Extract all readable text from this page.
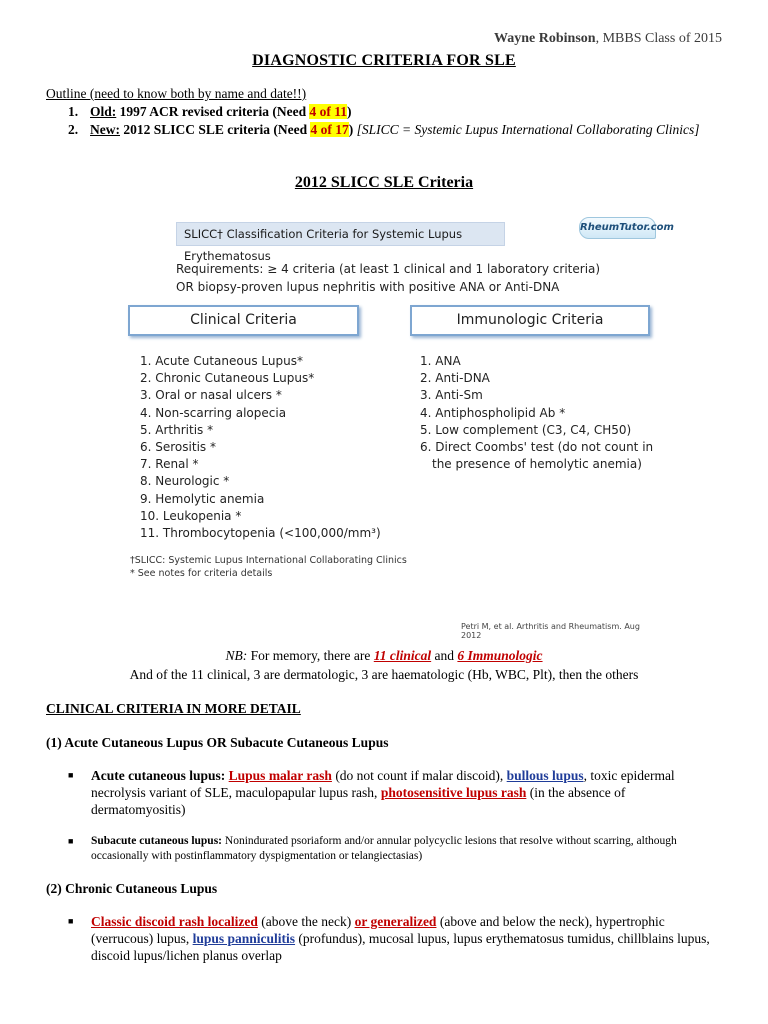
Wayne Robinson, MBBS Class of 2015
DIAGNOSTIC CRITERIA FOR SLE
Outline (need to know both by name and date!!)
1. Old: 1997 ACR revised criteria (Need 4 of 11)
2. New: 2012 SLICC SLE criteria (Need 4 of 17) [SLICC = Systemic Lupus International Collaborating Clinics]
2012 SLICC SLE Criteria
SLICC† Classification Criteria for Systemic Lupus Erythematosus
RheumTutor.com
Requirements: ≥ 4 criteria (at least 1 clinical and 1 laboratory criteria)
OR biopsy-proven lupus nephritis with positive ANA or Anti-DNA
Clinical Criteria	Immunologic Criteria
1. Acute Cutaneous Lupus*
2. Chronic Cutaneous Lupus*
3. Oral or nasal ulcers *
4. Non-scarring alopecia
5. Arthritis *
6. Serositis *
7. Renal *
8. Neurologic *
9. Hemolytic anemia
10. Leukopenia *
11. Thrombocytopenia (<100,000/mm³)
1. ANA
2. Anti-DNA
3. Anti-Sm
4. Antiphospholipid Ab *
5. Low complement (C3, C4, CH50)
6. Direct Coombs' test (do not count in
the presence of hemolytic anemia)
†SLICC: Systemic Lupus International Collaborating Clinics
* See notes for criteria details
Petri M, et al. Arthritis and Rheumatism. Aug 2012
NB: For memory, there are 11 clinical and 6 Immunologic
And of the 11 clinical, 3 are dermatologic, 3 are haematologic (Hb, WBC, Plt), then the others
CLINICAL CRITERIA IN MORE DETAIL
(1) Acute Cutaneous Lupus OR Subacute Cutaneous Lupus
■ Acute cutaneous lupus: Lupus malar rash (do not count if malar discoid), bullous lupus, toxic epidermal necrolysis variant of SLE, maculopapular lupus rash, photosensitive lupus rash (in the absence of dermatomyositis)
■ Subacute cutaneous lupus: Nonindurated psoriaform and/or annular polycyclic lesions that resolve without scarring, although occasionally with postinflammatory dyspigmentation or telangiectasias)
(2) Chronic Cutaneous Lupus
■ Classic discoid rash localized (above the neck) or generalized (above and below the neck), hypertrophic (verrucous) lupus, lupus panniculitis (profundus), mucosal lupus, lupus erythematosus tumidus, chillblains lupus, discoid lupus/lichen planus overlap
